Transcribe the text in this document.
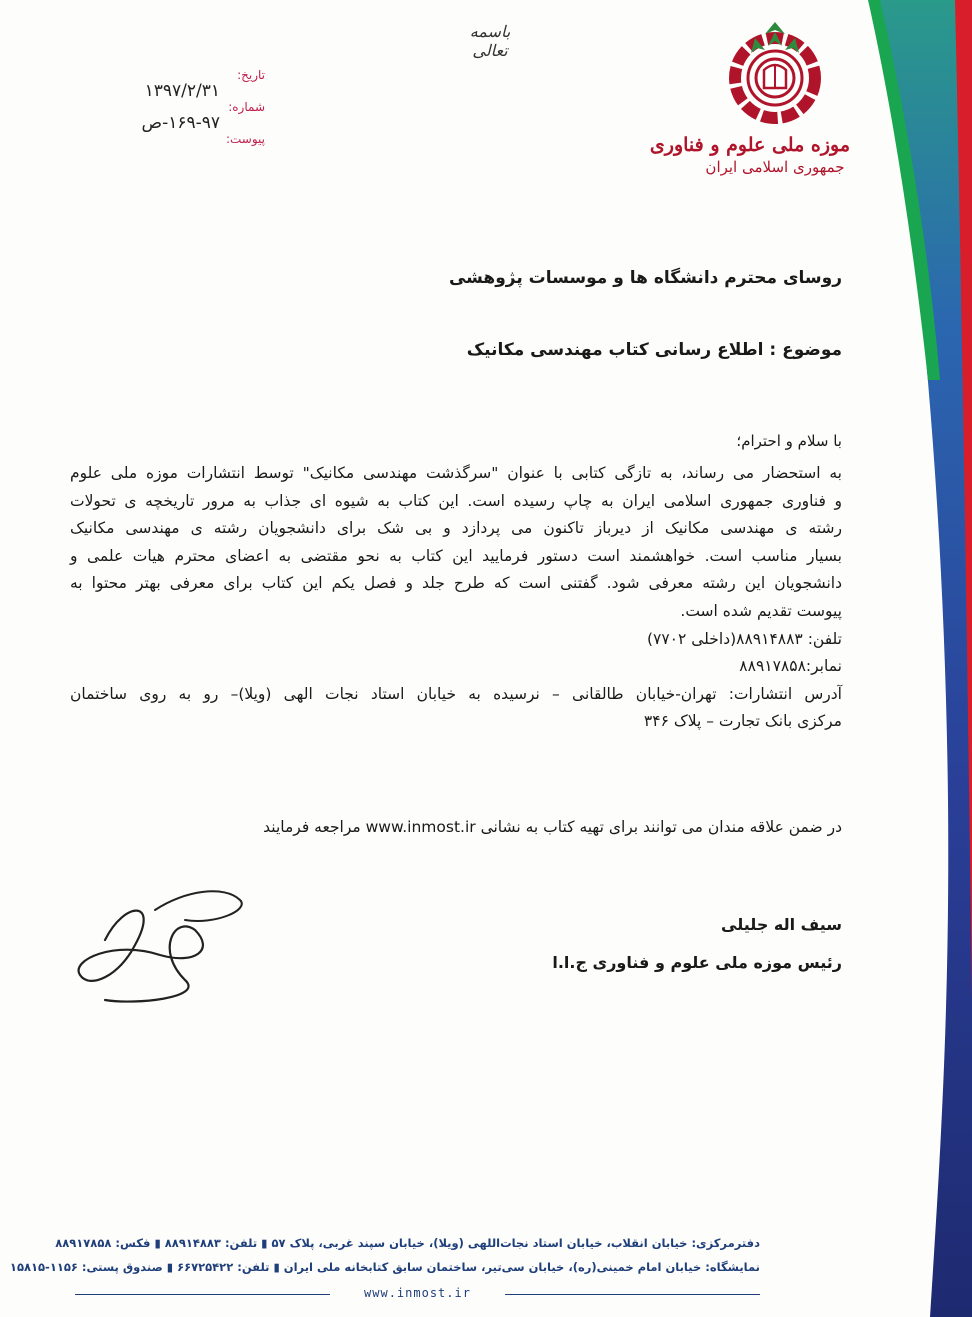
باسمه تعالی
موزه ملی علوم و فناوری
جمهوری اسلامی ایران
تاریخ:
۱۳۹۷/۲/۳۱
شماره:
۱۶۹-۹۷-ص
پیوست:
روسای محترم دانشگاه ها و موسسات پژوهشی
موضوع : اطلاع رسانی کتاب مهندسی مکانیک
با سلام و احترام؛
به استحضار می رساند، به تازگی کتابی با عنوان "سرگذشت مهندسی مکانیک" توسط انتشارات موزه ملی علوم
و فناوری جمهوری اسلامی ایران به چاپ رسیده است. این کتاب به شیوه ای جذاب به مرور تاریخچه ی تحولات
رشته ی مهندسی مکانیک از دیرباز تاکنون می پردازد و بی شک برای دانشجویان رشته ی مهندسی مکانیک
بسیار مناسب است. خواهشمند است دستور فرمایید این کتاب به نحو مقتضی به اعضای محترم هیات علمی و
دانشجویان این رشته معرفی شود. گفتنی است که طرح جلد و فصل یکم این کتاب برای معرفی بهتر محتوا به
پیوست تقدیم شده است.
تلفن: ۸۸۹۱۴۸۸۳(داخلی ۷۷۰۲)
نمابر:۸۸۹۱۷۸۵۸
آدرس انتشارات: تهران-خیابان طالقانی – نرسیده به خیابان استاد نجات الهی (ویلا)– رو به روی ساختمان
مرکزی بانک تجارت – پلاک ۳۴۶
در ضمن علاقه مندان می توانند برای تهیه کتاب به نشانی www.inmost.ir مراجعه فرمایند
سیف اله جلیلی
رئیس موزه ملی علوم و فناوری ج.ا.ا
دفترمرکزی: خیابان انقلاب، خیابان استاد نجات‌اللهی (ویلا)، خیابان سپند غربی، پلاک ۵۷ ▮ تلفن: ۸۸۹۱۴۸۸۳ ▮ فکس: ۸۸۹۱۷۸۵۸
نمایشگاه: خیابان امام خمینی(ره)، خیابان سی‌تیر، ساختمان سابق کتابخانه ملی ایران ▮ تلفن: ۶۶۷۲۵۴۲۲ ▮ صندوق پستی: ۱۱۵۶-۱۵۸۱۵
www.inmost.ir
